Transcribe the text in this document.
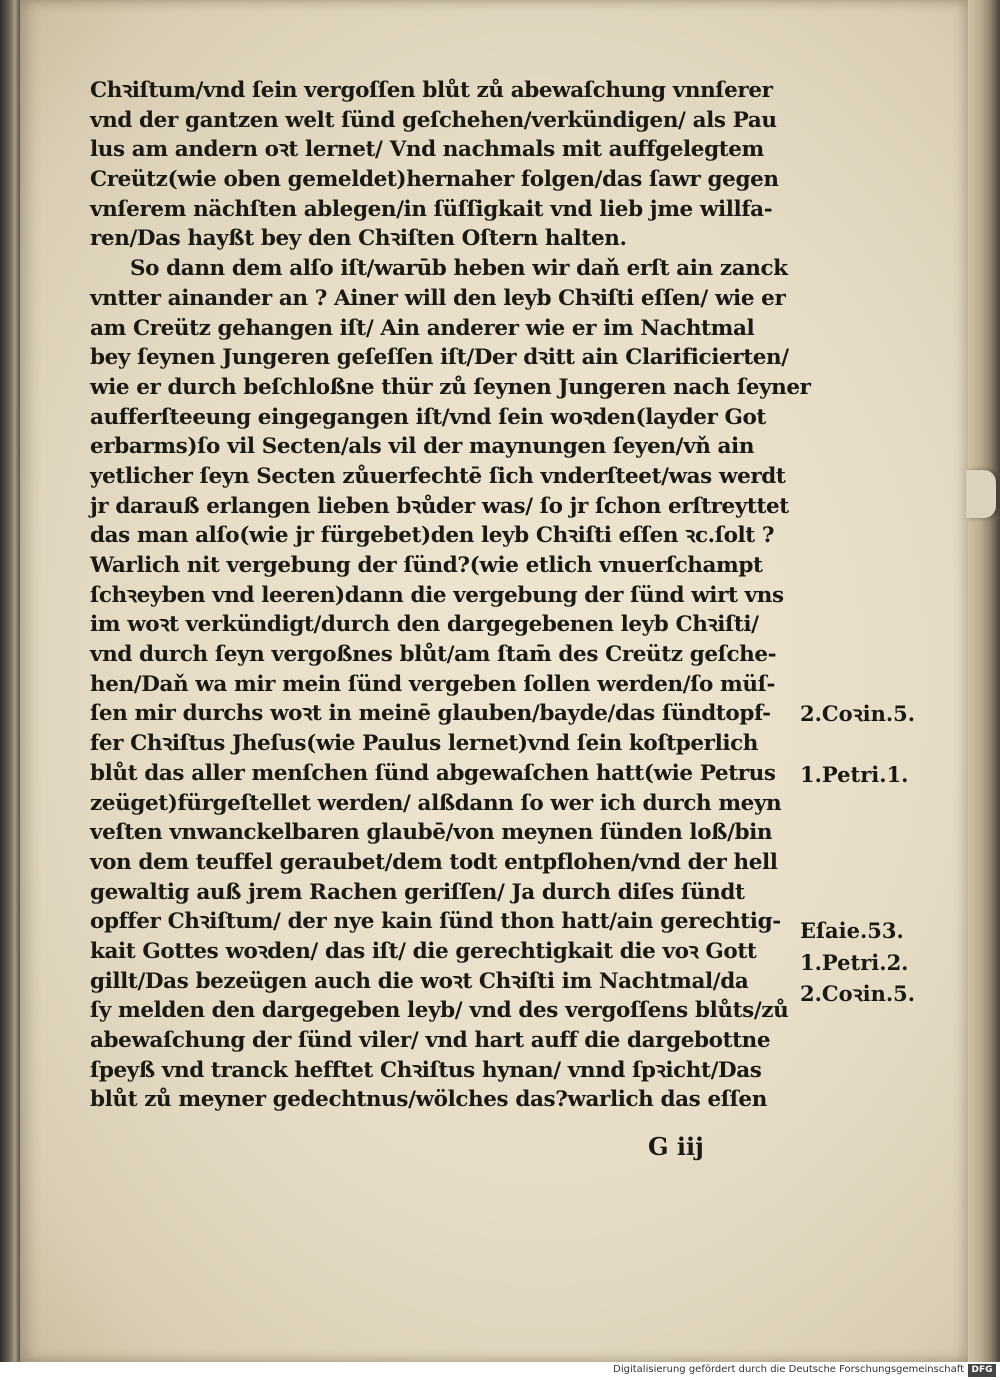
Chꝛiſtum/vnd ſein vergoſſen blůt zů abewaſchung vnnſerer
vnd der gantzen welt ſünd geſchehen/verkündigen/ als Pau
lus am andern oꝛt lernet/ Vnd nachmals mit auffgelegtem
Creütz(wie oben gemeldet)hernaher folgen/das ſawr gegen
vnſerem nächſten ablegen/in ſüſſigkait vnd lieb jme willfa-
ren/Das hayßt bey den Chꝛiſten Oſtern halten.
So dann dem alſo iſt/warūb heben wir daň erſt ain zanck
vntter ainander an ? Ainer will den leyb Chꝛiſti eſſen/ wie er
am Creütz gehangen iſt/ Ain anderer wie er im Nachtmal
bey ſeynen Jungeren geſeſſen iſt/Der dꝛitt ain Clarificierten/
wie er durch beſchloßne thür zů ſeynen Jungeren nach ſeyner
aufferſteeung eingegangen iſt/vnd ſein woꝛden(layder Got
erbarms)ſo vil Secten/als vil der maynungen ſeyen/vň ain
yetlicher ſeyn Secten zůuerfechtē ſich vnderſteet/was werdt
jr darauß erlangen lieben bꝛůder was/ ſo jr ſchon erſtreyttet
das man alſo(wie jr fürgebet)den leyb Chꝛiſti eſſen ꝛc.ſolt ?
Warlich nit vergebung der ſünd?(wie etlich vnuerſchampt
ſchꝛeyben vnd leeren)dann die vergebung der ſünd wirt vns
im woꝛt verkündigt/durch den dargegebenen leyb Chꝛiſti/
vnd durch ſeyn vergoßnes blůt/am ſtam̄ des Creütz geſche-
hen/Daň wa mir mein ſünd vergeben ſollen werden/ſo müſ-
ſen mir durchs woꝛt in meinē glauben/bayde/das ſündtopf-
fer Chꝛiſtus Jheſus(wie Paulus lernet)vnd ſein koſtperlich
blůt das aller menſchen ſünd abgewaſchen hatt(wie Petrus
zeüget)fürgeſtellet werden/ alßdann ſo wer ich durch meyn
veſten vnwanckelbaren glaubē/von meynen ſünden loß/bin
von dem teuffel geraubet/dem todt entpflohen/vnd der hell
gewaltig auß jrem Rachen geriſſen/ Ja durch diſes ſündt
opffer Chꝛiſtum/ der nye kain ſünd thon hatt/ain gerechtig-
kait Gottes woꝛden/ das iſt/ die gerechtigkait die voꝛ Gott
gillt/Das bezeügen auch die woꝛt Chꝛiſti im Nachtmal/da
ſy melden den dargegeben leyb/ vnd des vergoſſens blůts/zů
abewaſchung der ſünd viler/ vnd hart auff die dargebottne
ſpeyß vnd tranck hefftet Chꝛiſtus hynan/ vnnd ſpꝛicht/Das
blůt zů meyner gedechtnus/wölches das?warlich das eſſen
G iij
2.Coꝛin.5.
1.Petri.1.
Eſaie.53.
1.Petri.2.
2.Coꝛin.5.
Digitalisierung gefördert durch die Deutsche Forschungsgemeinschaft DFG
